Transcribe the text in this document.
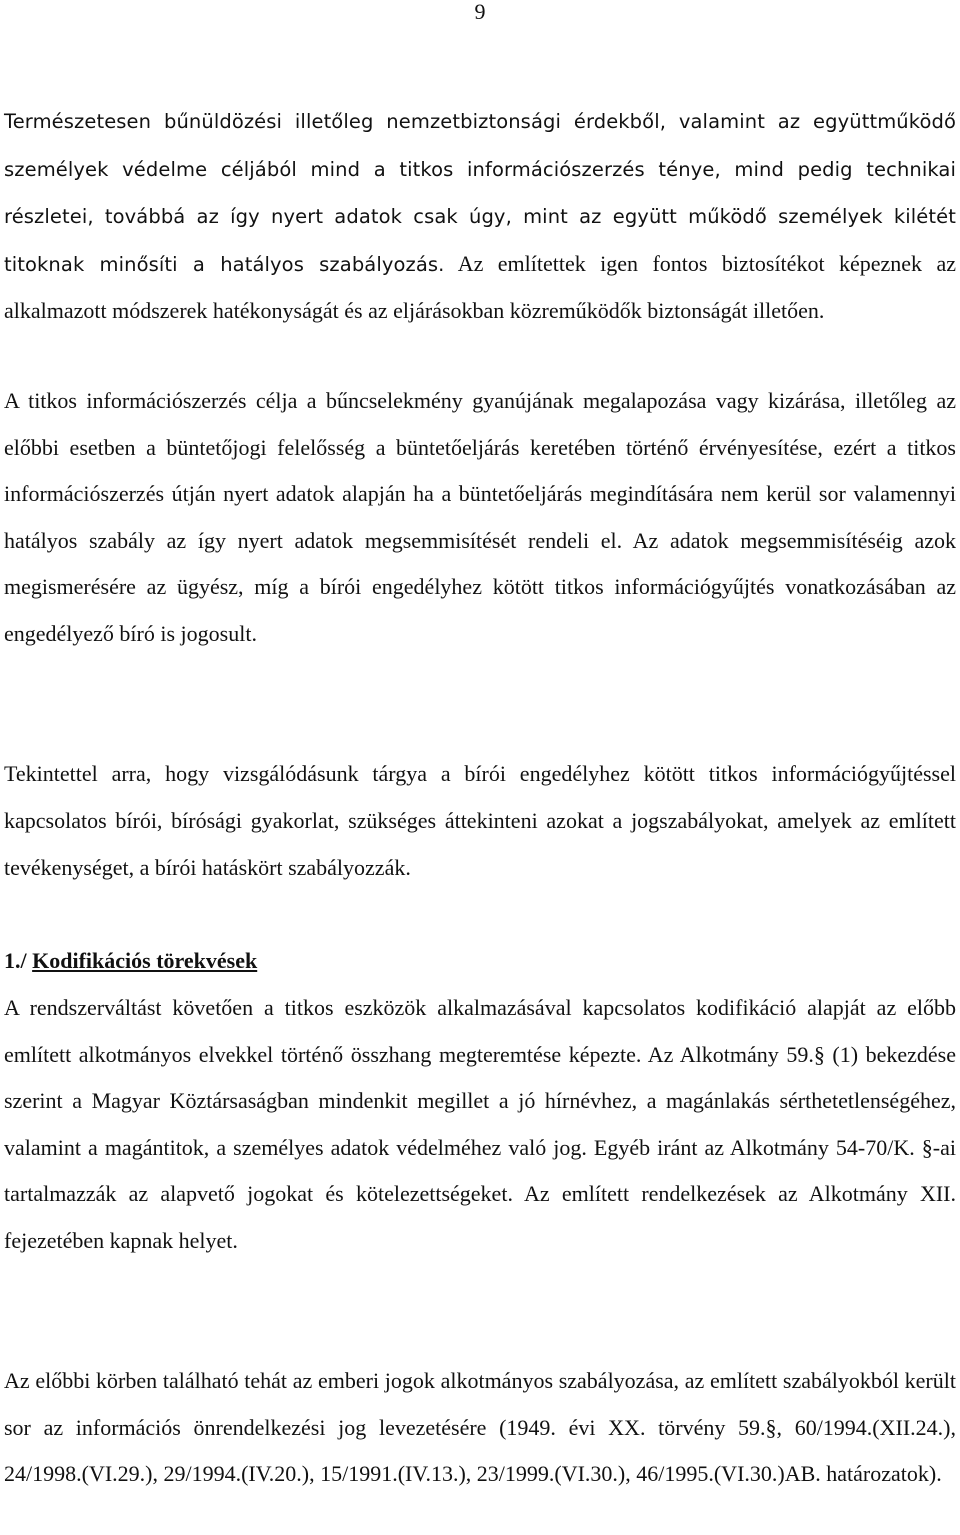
9

Természetesen bűnüldözési illetőleg nemzetbiztonsági érdekből, valamint az együttműködő személyek védelme céljából mind a titkos információszerzés ténye, mind pedig technikai részletei, továbbá az így nyert adatok csak úgy, mint az együtt működő személyek kilétét titoknak minősíti a hatályos szabályozás. Az említettek igen fontos biztosítékot képeznek az alkalmazott módszerek hatékonyságát és az eljárásokban közreműködők biztonságát illetően.

A titkos információszerzés célja a bűncselekmény gyanújának megalapozása vagy kizárása, illetőleg az előbbi esetben a büntetőjogi felelősség a büntetőeljárás keretében történő érvényesítése, ezért a titkos információszerzés útján nyert adatok alapján ha a büntetőeljárás megindítására nem kerül sor valamennyi hatályos szabály az így nyert adatok megsemmisítését rendeli el. Az adatok megsemmisítéséig azok megismerésére az ügyész, míg a bírói engedélyhez kötött titkos információgyűjtés vonatkozásában az engedélyező bíró is jogosult.

Tekintettel arra, hogy vizsgálódásunk tárgya a bírói engedélyhez kötött titkos információgyűjtéssel kapcsolatos bírói, bírósági gyakorlat, szükséges áttekinteni azokat a jogszabályokat, amelyek az említett tevékenységet, a bírói hatáskört szabályozzák.

1./ Kodifikációs törekvések

A rendszerváltást követően a titkos eszközök alkalmazásával kapcsolatos kodifikáció alapját az előbb említett alkotmányos elvekkel történő összhang megteremtése képezte. Az Alkotmány 59.§ (1) bekezdése szerint a Magyar Köztársaságban mindenkit megillet a jó hírnévhez, a magánlakás sérthetetlenségéhez, valamint a magántitok, a személyes adatok védelméhez való jog. Egyéb iránt az Alkotmány 54-70/K. §-ai tartalmazzák az alapvető jogokat és kötelezettségeket. Az említett rendelkezések az Alkotmány XII. fejezetében kapnak helyet.

Az előbbi körben található tehát az emberi jogok alkotmányos szabályozása, az említett szabályokból került sor az információs önrendelkezési jog levezetésére (1949. évi XX. törvény 59.§, 60/1994.(XII.24.), 24/1998.(VI.29.), 29/1994.(IV.20.), 15/1991.(IV.13.), 23/1999.(VI.30.), 46/1995.(VI.30.)AB. határozatok).
